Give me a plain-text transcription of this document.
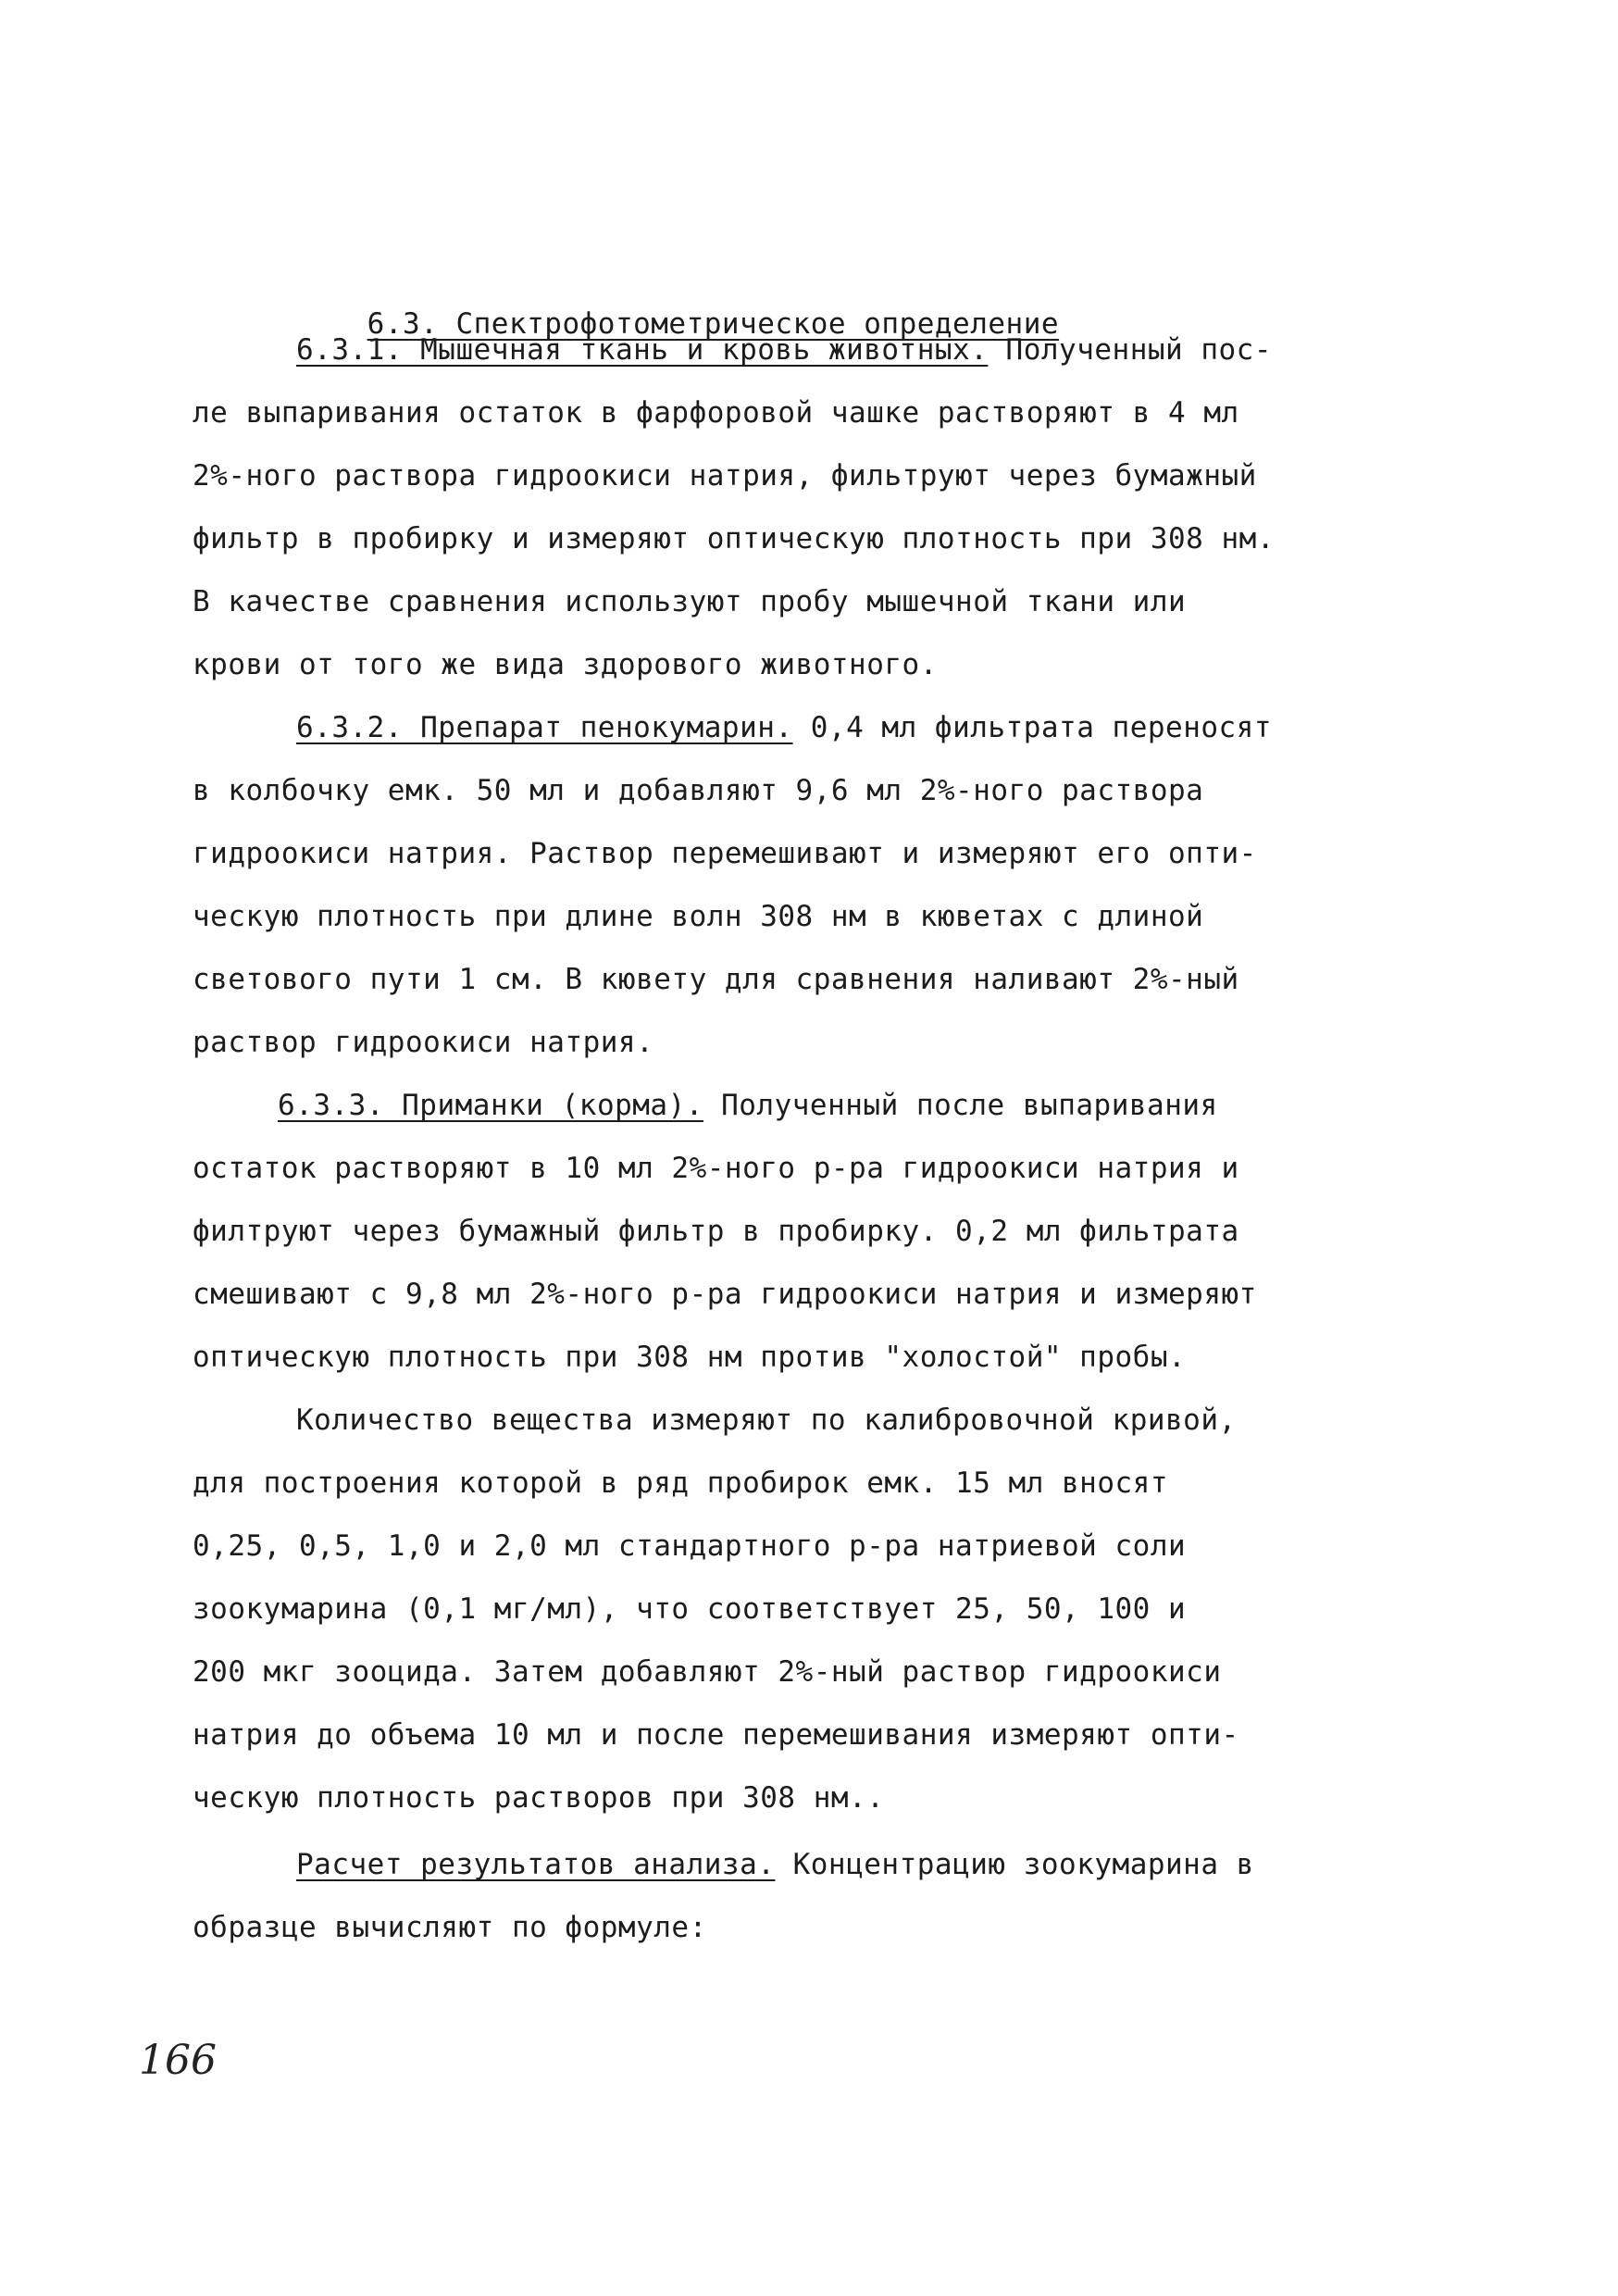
6.3. Спектрофотометрическое определение

6.3.1. Мышечная ткань и кровь животных. Полученный пос-
ле выпаривания остаток в фарфоровой чашке растворяют в 4 мл
2%-ного раствора гидроокиси натрия, фильтруют через бумажный
фильтр в пробирку и измеряют оптическую плотность при 308 нм.
В качестве сравнения используют пробу мышечной ткани или
крови от того же вида здорового животного.
6.3.2. Препарат пенокумарин. 0,4 мл фильтрата переносят
в колбочку емк. 50 мл и добавляют 9,6 мл 2%-ного раствора
гидроокиси натрия. Раствор перемешивают и измеряют его опти-
ческую плотность при длине волн 308 нм в кюветах с длиной
светового пути 1 см. В кювету для сравнения наливают 2%-ный
раствор гидроокиси натрия.
6.3.3. Приманки (корма). Полученный после выпаривания
остаток растворяют в 10 мл 2%-ного р-ра гидроокиси натрия и
филтруют через бумажный фильтр в пробирку. 0,2 мл фильтрата
смешивают с 9,8 мл 2%-ного р-ра гидроокиси натрия и измеряют
оптическую плотность при 308 нм против "холостой" пробы.
Количество вещества измеряют по калибровочной кривой,
для построения которой в ряд пробирок емк. 15 мл вносят
0,25, 0,5, 1,0 и 2,0 мл стандартного р-ра натриевой соли
зоокумарина (0,1 мг/мл), что соответствует 25, 50, 100 и
200 мкг зооцида. Затем добавляют 2%-ный раствор гидроокиси
натрия до объема 10 мл и после перемешивания измеряют опти-
ческую плотность растворов при 308 нм..
Расчет результатов анализа. Концентрацию зоокумарина в
образце вычисляют по формуле:
166
